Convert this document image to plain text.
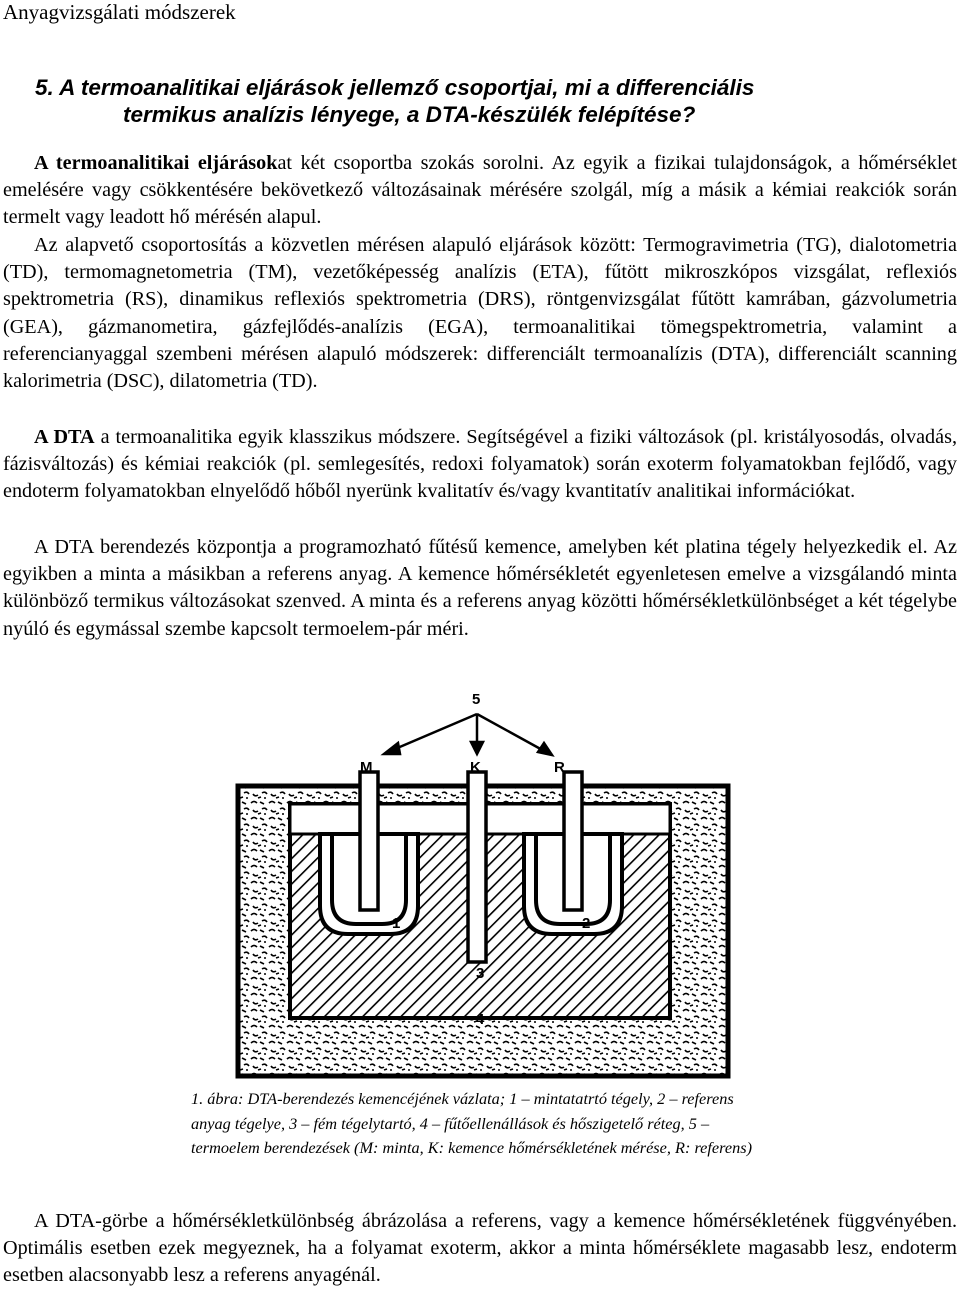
Anyagvizsgálati módszerek
5. A termoanalitikai eljárások jellemző csoportjai, mi a differenciális
termikus analízis lényege, a DTA-készülék felépítése?
A termoanalitikai eljárásokat két csoportba szokás sorolni. Az egyik a fizikai tulajdonságok, a hőmérséklet emelésére vagy csökkentésére bekövetkező változásainak mérésére szolgál, míg a másik a kémiai reakciók során termelt vagy leadott hő mérésén alapul.
Az alapvető csoportosítás a közvetlen mérésen alapuló eljárások között: Termogravimetria (TG), dialotometria (TD), termomagnetometria (TM), vezetőképesség analízis (ETA), fűtött mikroszkópos vizsgálat, reflexiós spektrometria (RS), dinamikus reflexiós spektrometria (DRS), röntgenvizsgálat fűtött kamrában, gázvolumetria (GEA), gázmanometira, gázfejlődés-analízis (EGA), termoanalitikai tömegspektrometria, valamint a referencianyaggal szembeni mérésen alapuló módszerek: differenciált termoanalízis (DTA), differenciált scanning kalorimetria (DSC), dilatometria (TD).
A DTA a termoanalitika egyik klasszikus módszere. Segítségével a fiziki változások (pl. kristályosodás, olvadás, fázisváltozás) és kémiai reakciók (pl. semlegesítés, redoxi folyamatok) során exoterm folyamatokban fejlődő, vagy endoterm folyamatokban elnyelődő hőből nyerünk kvalitatív és/vagy kvantitatív analitikai információkat.
A DTA berendezés központja a programozható fűtésű kemence, amelyben két platina tégely helyezkedik el. Az egyikben a minta a másikban a referens anyag. A kemence hőmérsékletét egyenletesen emelve a vizsgálandó minta különböző termikus változásokat szenved. A minta és a referens anyag közötti hőmérsékletkülönbséget a két tégelybe nyúló és egymással szembe kapcsolt termoelem-pár méri.
5
M	K	R
1	2
3
4
1. ábra: DTA-berendezés kemencéjének vázlata; 1 – mintatatrtó tégely, 2 – referens anyag tégelye, 3 – fém tégelytartó, 4 – fűtőellenállások és hőszigetelő réteg, 5 – termoelem berendezések (M: minta, K: kemence hőmérsékletének mérése, R: referens)
A DTA-görbe a hőmérsékletkülönbség ábrázolása a referens, vagy a kemence hőmérsékletének függvényében. Optimális esetben ezek megyeznek, ha a folyamat exoterm, akkor a minta hőmérséklete magasabb lesz, endoterm esetben alacsonyabb lesz a referens anyagénál.
